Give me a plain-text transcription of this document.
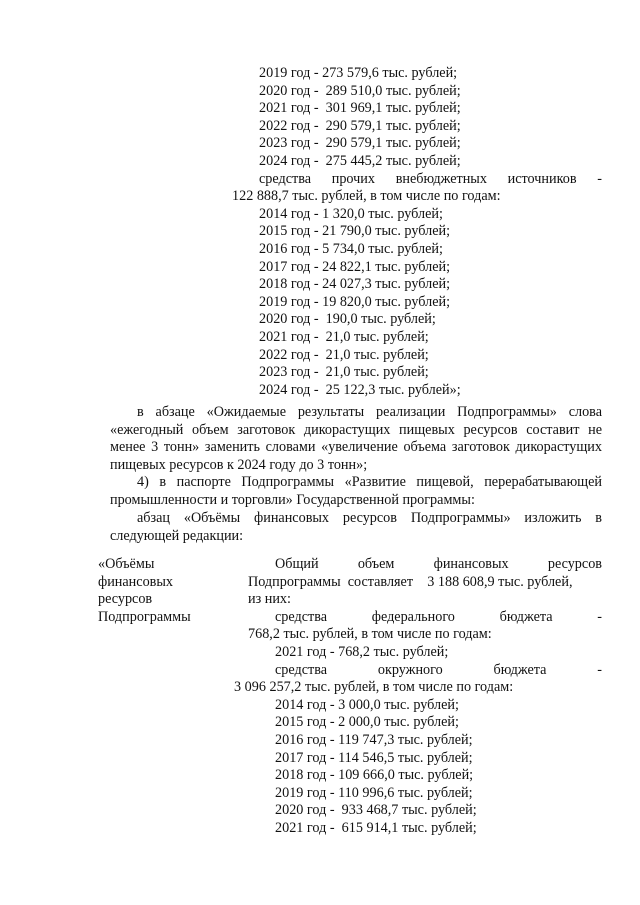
2019 год - 273 579,6 тыс. рублей;
2020 год -  289 510,0 тыс. рублей;
2021 год -  301 969,1 тыс. рублей;
2022 год -  290 579,1 тыс. рублей;
2023 год -  290 579,1 тыс. рублей;
2024 год -  275 445,2 тыс. рублей;
средства прочих внебюджетных источников -
122 888,7 тыс. рублей, в том числе по годам:
2014 год - 1 320,0 тыс. рублей;
2015 год - 21 790,0 тыс. рублей;
2016 год - 5 734,0 тыс. рублей;
2017 год - 24 822,1 тыс. рублей;
2018 год - 24 027,3 тыс. рублей;
2019 год - 19 820,0 тыс. рублей;
2020 год -  190,0 тыс. рублей;
2021 год -  21,0 тыс. рублей;
2022 год -  21,0 тыс. рублей;
2023 год -  21,0 тыс. рублей;
2024 год -  25 122,3 тыс. рублей»;
в абзаце «Ожидаемые результаты реализации Подпрограммы» слова
«ежегодный объем заготовок дикорастущих пищевых ресурсов составит не
менее 3 тонн» заменить словами «увеличение объема заготовок дикорастущих
пищевых ресурсов к 2024 году до 3 тонн»;
4) в паспорте Подпрограммы «Развитие пищевой, перерабатывающей
промышленности и торговли» Государственной программы:
абзац «Объёмы финансовых ресурсов Подпрограммы» изложить в
следующей редакции:
«Объёмы
финансовых
ресурсов
Подпрограммы
Общий объем финансовых ресурсов
Подпрограммы  составляет    3 188 608,9 тыс. рублей,
из них:
средства федерального бюджета -
768,2 тыс. рублей, в том числе по годам:
2021 год - 768,2 тыс. рублей;
средства окружного бюджета -
3 096 257,2 тыс. рублей, в том числе по годам:
2014 год - 3 000,0 тыс. рублей;
2015 год - 2 000,0 тыс. рублей;
2016 год - 119 747,3 тыс. рублей;
2017 год - 114 546,5 тыс. рублей;
2018 год - 109 666,0 тыс. рублей;
2019 год - 110 996,6 тыс. рублей;
2020 год -  933 468,7 тыс. рублей;
2021 год -  615 914,1 тыс. рублей;
